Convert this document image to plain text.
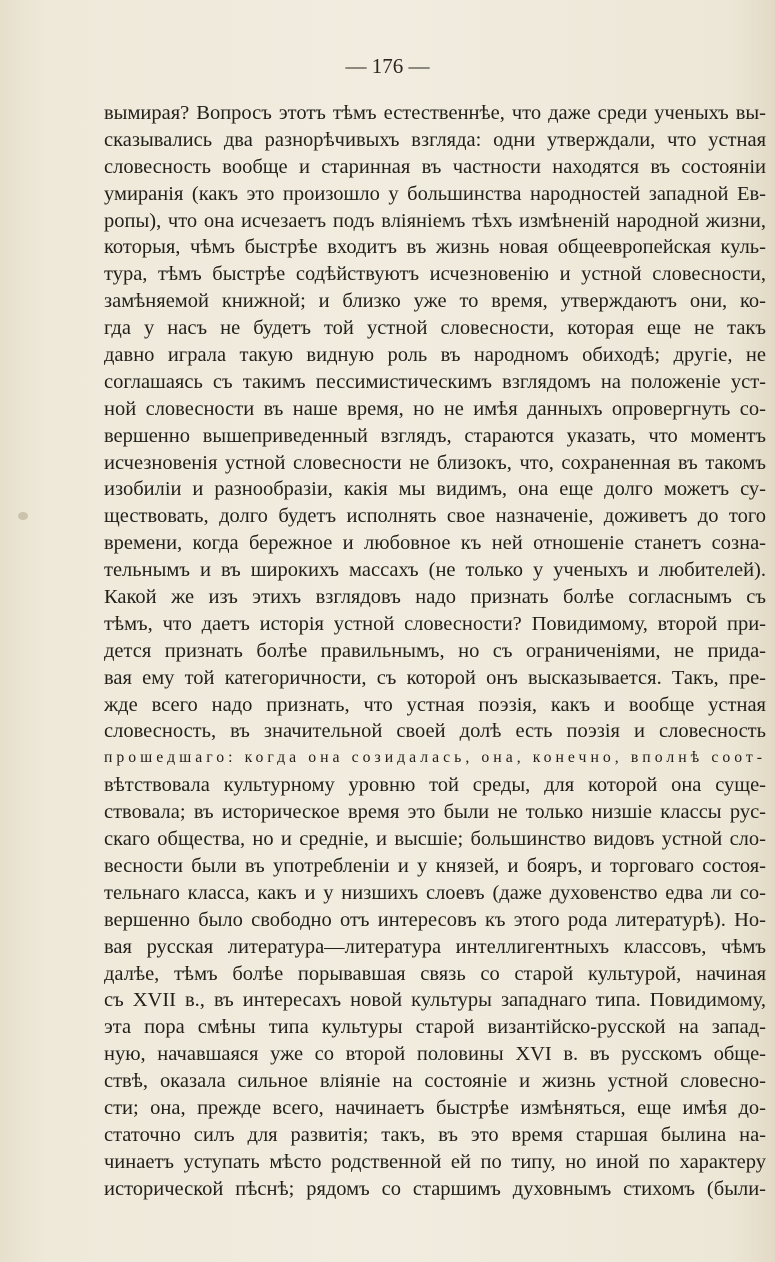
— 176 —
вымирая? Вопросъ этотъ тѣмъ естественнѣе, что даже среди ученыхъ вы-
сказывались два разнорѣчивыхъ взгляда: одни утверждали, что устная
словесность вообще и старинная въ частности находятся въ состоянiи
умиранiя (какъ это произошло у большинства народностей западной Ев-
ропы), что она исчезаетъ подъ влiянiемъ тѣхъ измѣненiй народной жизни,
которыя, чѣмъ быстрѣе входитъ въ жизнь новая общеевропейская куль-
тура, тѣмъ быстрѣе содѣйствуютъ исчезновенiю и устной словесности,
замѣняемой книжной; и близко уже то время, утверждаютъ они, ко-
гда у насъ не будетъ той устной словесности, которая еще не такъ
давно играла такую видную роль въ народномъ обиходѣ; другiе, не
соглашаясь съ такимъ пессимистическимъ взглядомъ на положенiе уст-
ной словесности въ наше время, но не имѣя данныхъ опровергнуть со-
вершенно вышеприведенный взглядъ, стараются указать, что моментъ
исчезновенiя устной словесности не близокъ, что, сохраненная въ такомъ
изобилiи и разнообразiи, какiя мы видимъ, она еще долго можетъ су-
ществовать, долго будетъ исполнять свое назначенiе, доживетъ до того
времени, когда бережное и любовное къ ней отношенiе станетъ созна-
тельнымъ и въ широкихъ массахъ (не только у ученыхъ и любителей).
Какой же изъ этихъ взглядовъ надо признать болѣе согласнымъ съ
тѣмъ, что даетъ исторiя устной словесности? Повидимому, второй при-
дется признать болѣе правильнымъ, но съ ограниченiями, не прида-
вая ему той категоричности, съ которой онъ высказывается. Такъ, пре-
жде всего надо признать, что устная поэзiя, какъ и вообще устная
словесность, въ значительной своей долѣ есть поэзiя и словесность
прошедшаго: когда она созидалась, она, конечно, вполнѣ соот-
вѣтствовала культурному уровню той среды, для которой она суще-
ствовала; въ историческое время это были не только низшiе классы рус-
скаго общества, но и среднiе, и высшiе; большинство видовъ устной сло-
весности были въ употребленiи и у князей, и бояръ, и торговаго состоя-
тельнаго класса, какъ и у низшихъ слоевъ (даже духовенство едва ли со-
вершенно было свободно отъ интересовъ къ этого рода литературѣ). Но-
вая русская литература—литература интеллигентныхъ классовъ, чѣмъ
далѣе, тѣмъ болѣе порывавшая связь со старой культурой, начиная
съ XVII в., въ интересахъ новой культуры западнаго типа. Повидимому,
эта пора смѣны типа культуры старой византiйско-русской на запад-
ную, начавшаяся уже со второй половины XVI в. въ русскомъ обще-
ствѣ, оказала сильное влiянiе на состоянiе и жизнь устной словесно-
сти; она, прежде всего, начинаетъ быстрѣе измѣняться, еще имѣя до-
статочно силъ для развитiя; такъ, въ это время старшая былина на-
чинаетъ уступать мѣсто родственной ей по типу, но иной по характеру
исторической пѣснѣ; рядомъ со старшимъ духовнымъ стихомъ (были-
